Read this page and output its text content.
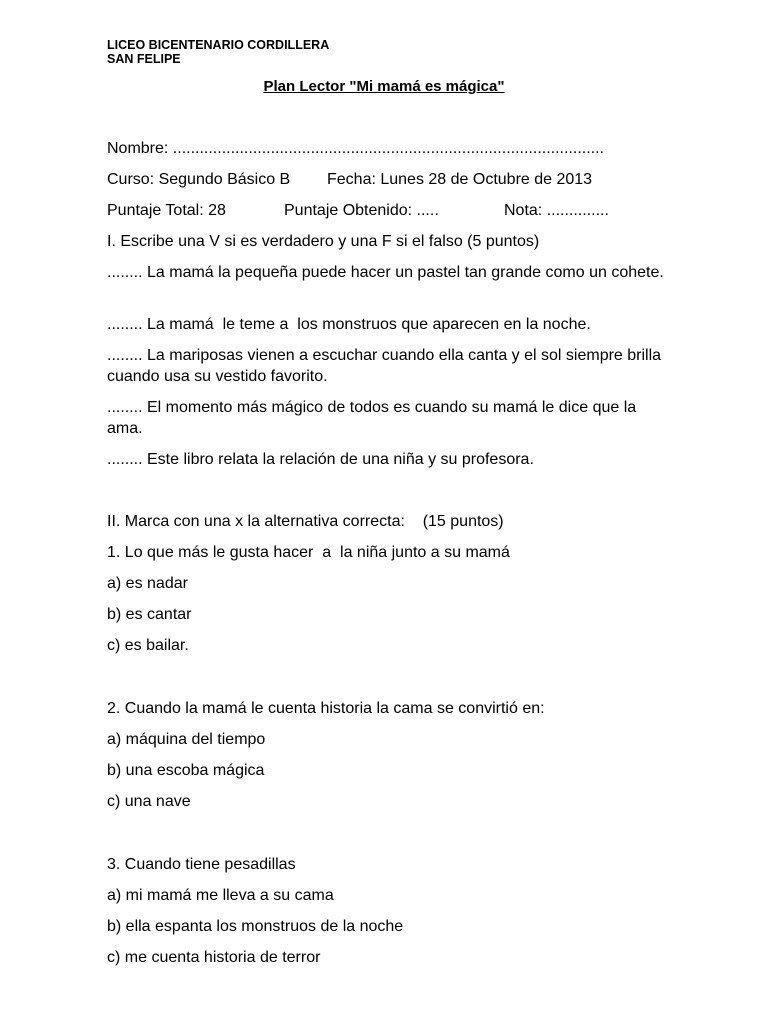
LICEO BICENTENARIO CORDILLERA
SAN FELIPE
Plan Lector "Mi mamá es mágica"
Nombre: .................................................................................................
Curso: Segundo Básico B Fecha: Lunes 28 de Octubre de 2013
Puntaje Total: 28	Puntaje Obtenido: .....	Nota: ..............
I. Escribe una V si es verdadero y una F si el falso (5 puntos)
........ La mamá la pequeña puede hacer un pastel tan grande como un cohete.
........ La mamá  le teme a  los monstruos que aparecen en la noche.
........ La mariposas vienen a escuchar cuando ella canta y el sol siempre brilla cuando usa su vestido favorito.
........ El momento más mágico de todos es cuando su mamá le dice que la ama.
........ Este libro relata la relación de una niña y su profesora.
II. Marca con una x la alternativa correcta:    (15 puntos)
1. Lo que más le gusta hacer  a  la niña junto a su mamá
a) es nadar
b) es cantar
c) es bailar.
2. Cuando la mamá le cuenta historia la cama se convirtió en:
a) máquina del tiempo
b) una escoba mágica
c) una nave
3. Cuando tiene pesadillas
a) mi mamá me lleva a su cama
b) ella espanta los monstruos de la noche
c) me cuenta historia de terror
